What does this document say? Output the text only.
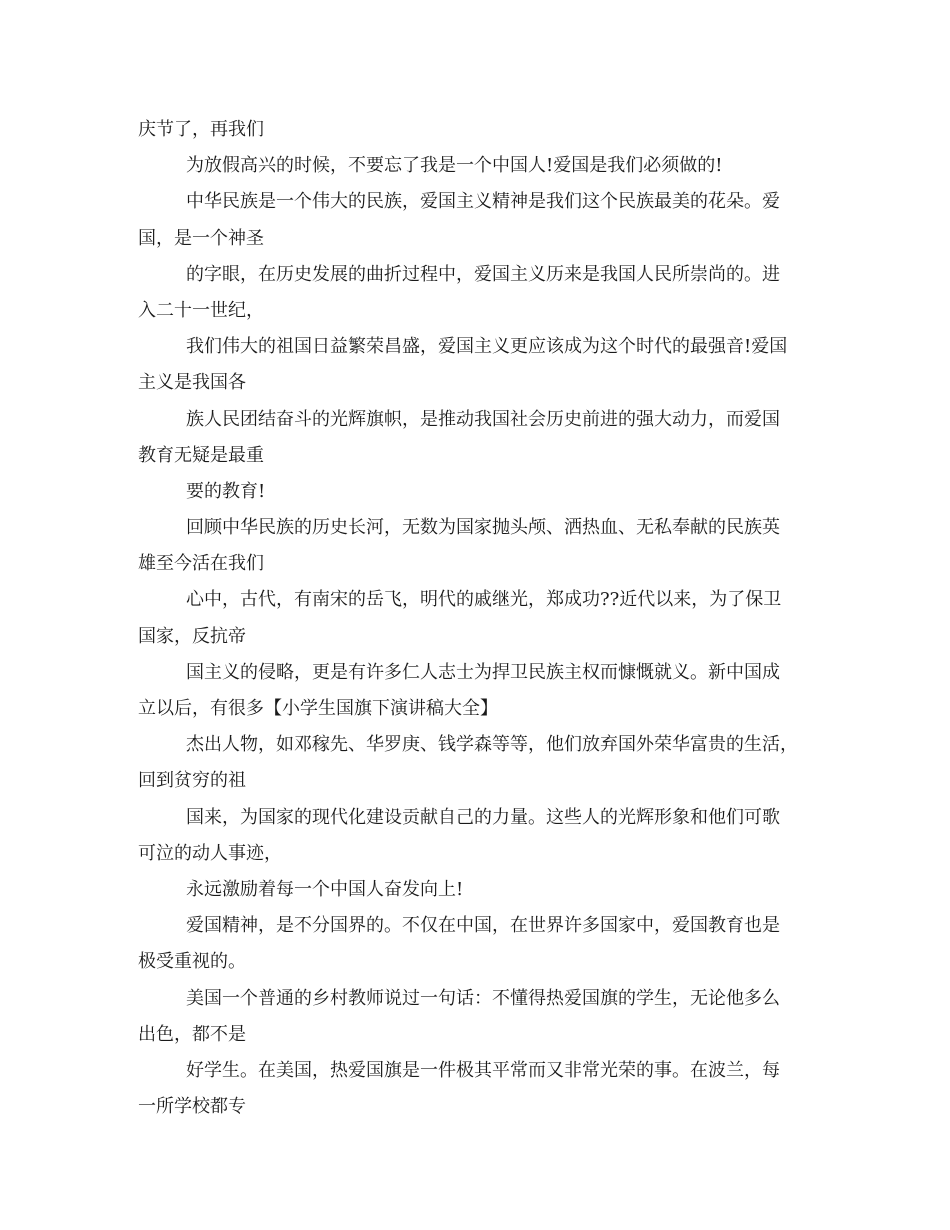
庆节了，再我们
为放假高兴的时候，不要忘了我是一个中国人!爱国是我们必须做的!
中华民族是一个伟大的民族，爱国主义精神是我们这个民族最美的花朵。爱
国，是一个神圣
的字眼，在历史发展的曲折过程中，爱国主义历来是我国人民所崇尚的。进
入二十一世纪，
我们伟大的祖国日益繁荣昌盛，爱国主义更应该成为这个时代的最强音!爱国
主义是我国各
族人民团结奋斗的光辉旗帜，是推动我国社会历史前进的强大动力，而爱国
教育无疑是最重
要的教育!
回顾中华民族的历史长河，无数为国家抛头颅、洒热血、无私奉献的民族英
雄至今活在我们
心中，古代，有南宋的岳飞，明代的戚继光，郑成功??近代以来，为了保卫
国家，反抗帝
国主义的侵略，更是有许多仁人志士为捍卫民族主权而慷慨就义。新中国成
立以后，有很多【小学生国旗下演讲稿大全】
杰出人物，如邓稼先、华罗庚、钱学森等等，他们放弃国外荣华富贵的生活，
回到贫穷的祖
国来，为国家的现代化建设贡献自己的力量。这些人的光辉形象和他们可歌
可泣的动人事迹，
永远激励着每一个中国人奋发向上!
爱国精神，是不分国界的。不仅在中国，在世界许多国家中，爱国教育也是
极受重视的。
美国一个普通的乡村教师说过一句话：不懂得热爱国旗的学生，无论他多么
出色，都不是
好学生。在美国，热爱国旗是一件极其平常而又非常光荣的事。在波兰，每
一所学校都专
